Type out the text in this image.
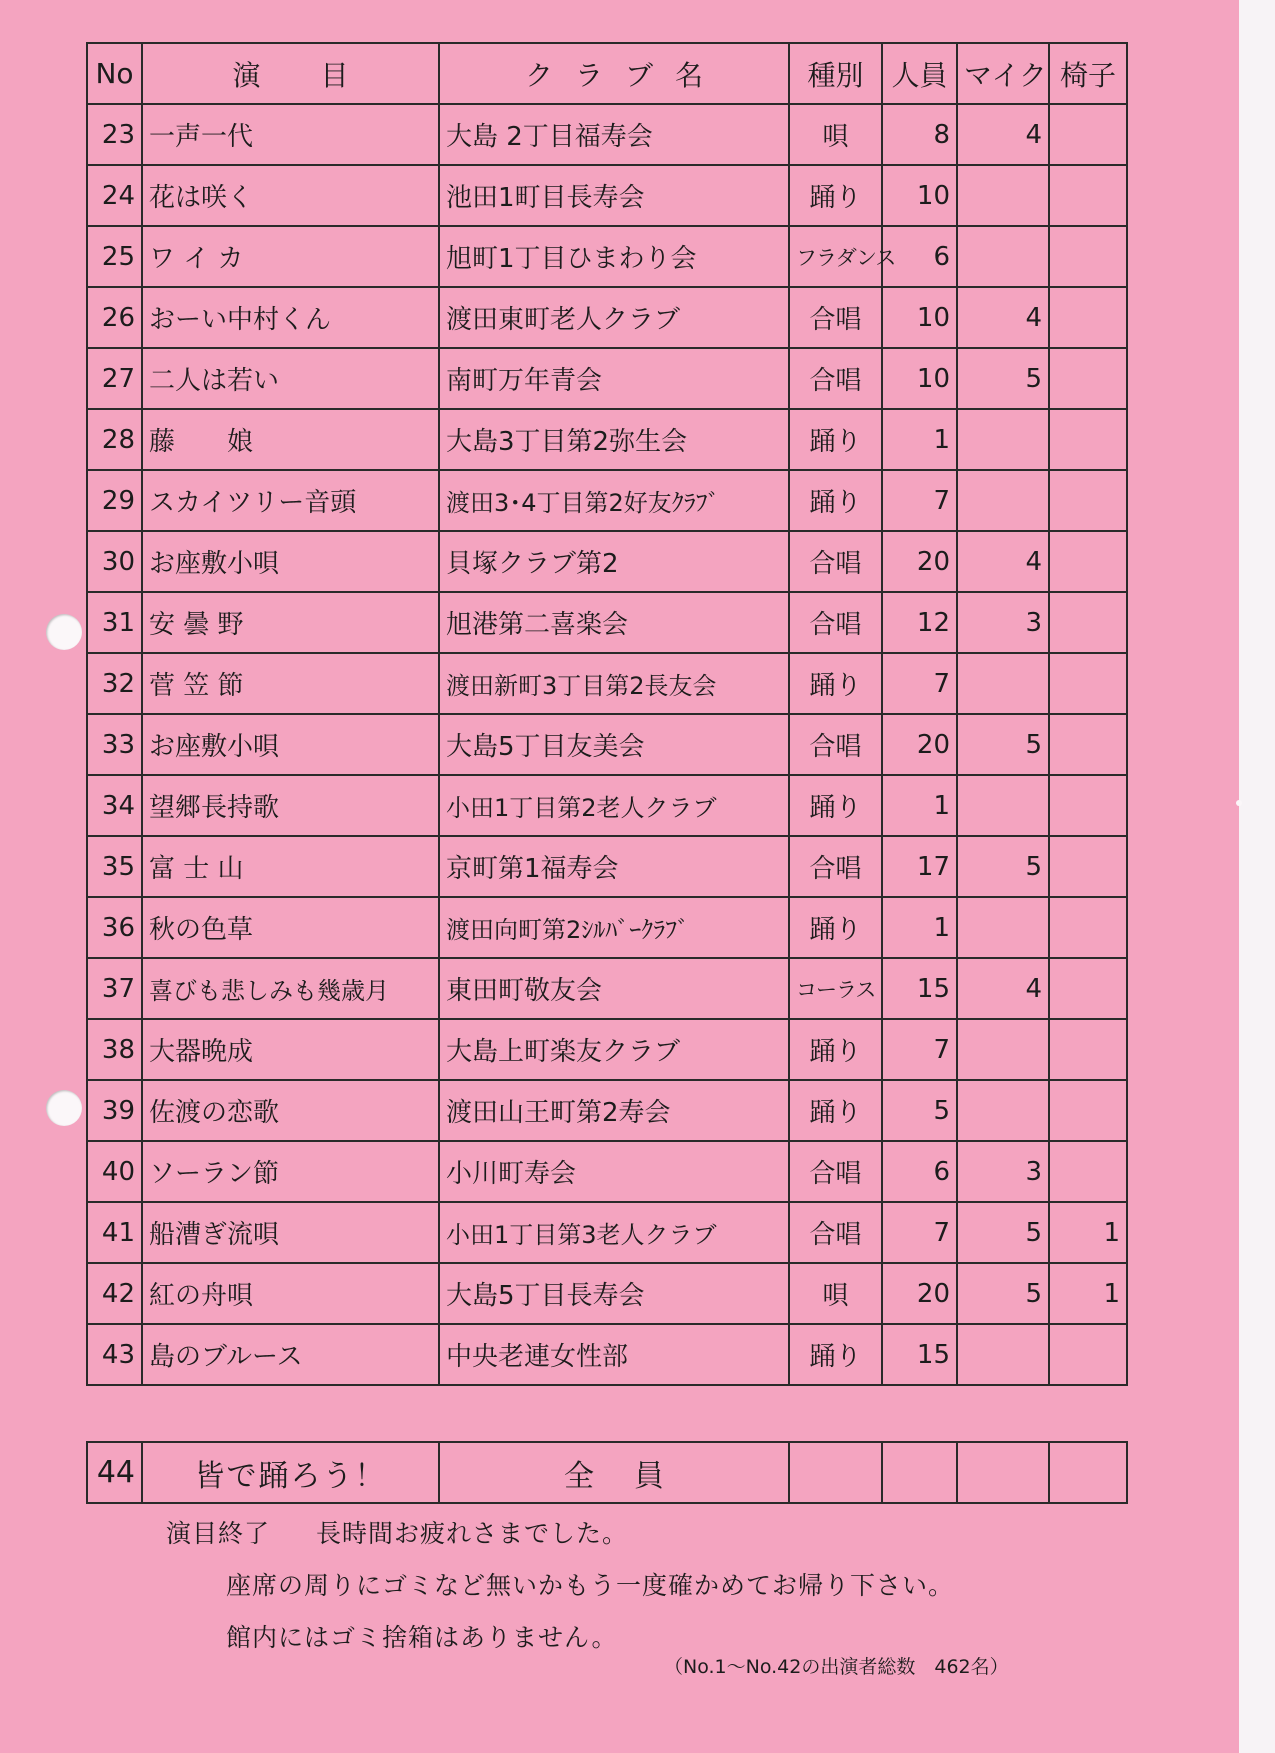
No	演目	クラブ名	種別	人員	マイク	椅子
23	一声一代	大島 2丁目福寿会	唄	8	4	
24	花は咲く	池田1町目長寿会	踊り	10		
25	ワ イ カ	旭町1丁目ひまわり会	フラダンス	6		
26	おーい中村くん	渡田東町老人クラブ	合唱	10	4	
27	二人は若い	南町万年青会	合唱	10	5	
28	藤　　娘	大島3丁目第2弥生会	踊り	1		
29	スカイツリー音頭	渡田3･4丁目第2好友ｸﾗﾌﾞ	踊り	7		
30	お座敷小唄	貝塚クラブ第2	合唱	20	4	
31	安 曇 野	旭港第二喜楽会	合唱	12	3	
32	菅 笠 節	渡田新町3丁目第2長友会	踊り	7		
33	お座敷小唄	大島5丁目友美会	合唱	20	5	
34	望郷長持歌	小田1丁目第2老人クラブ	踊り	1		
35	富 士 山	京町第1福寿会	合唱	17	5	
36	秋の色草	渡田向町第2ｼﾙﾊﾞｰｸﾗﾌﾞ	踊り	1		
37	喜びも悲しみも幾歳月	東田町敬友会	コーラス	15	4	
38	大器晩成	大島上町楽友クラブ	踊り	7		
39	佐渡の恋歌	渡田山王町第2寿会	踊り	5		
40	ソーラン節	小川町寿会	合唱	6	3	
41	船漕ぎ流唄	小田1丁目第3老人クラブ	合唱	7	5	1
42	紅の舟唄	大島5丁目長寿会	唄	20	5	1
43	島のブルース	中央老連女性部	踊り	15		
44	皆で踊ろう！	全員				
演目終了 長時間お疲れさまでした。
座席の周りにゴミなど無いかもう一度確かめてお帰り下さい。
館内にはゴミ捨箱はありません。
（No.1～No.42の出演者総数　462名）
